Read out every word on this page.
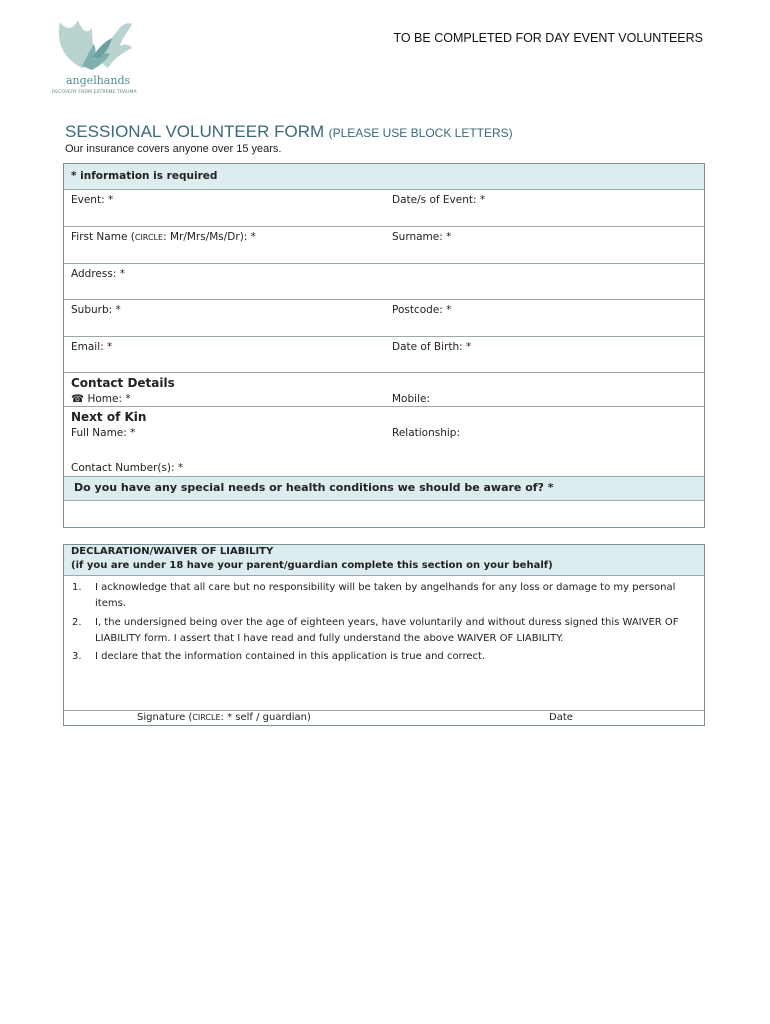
angelhands
RECOVERY FROM EXTREME TRAUMA
TO BE COMPLETED FOR DAY EVENT VOLUNTEERS
SESSIONAL VOLUNTEER FORM (PLEASE USE BLOCK LETTERS)
Our insurance covers anyone over 15 years.
* information is required
Event: *	Date/s of Event: *
First Name (CIRCLE: Mr/Mrs/Ms/Dr): *	Surname: *
Address: *
Suburb: *	Postcode: *
Email: *	Date of Birth: *
Contact Details
☎ Home: *	Mobile:
Next of Kin
Full Name: *	Relationship:
Contact Number(s): *
Do you have any special needs or health conditions we should be aware of? *
DECLARATION/WAIVER OF LIABILITY
(if you are under 18 have your parent/guardian complete this section on your behalf)
1. I acknowledge that all care but no responsibility will be taken by angelhands for any loss or damage to my personal items.
2. I, the undersigned being over the age of eighteen years, have voluntarily and without duress signed this WAIVER OF LIABILITY form. I assert that I have read and fully understand the above WAIVER OF LIABILITY.
3. I declare that the information contained in this application is true and correct.
Signature (CIRCLE: * self / guardian)	Date
